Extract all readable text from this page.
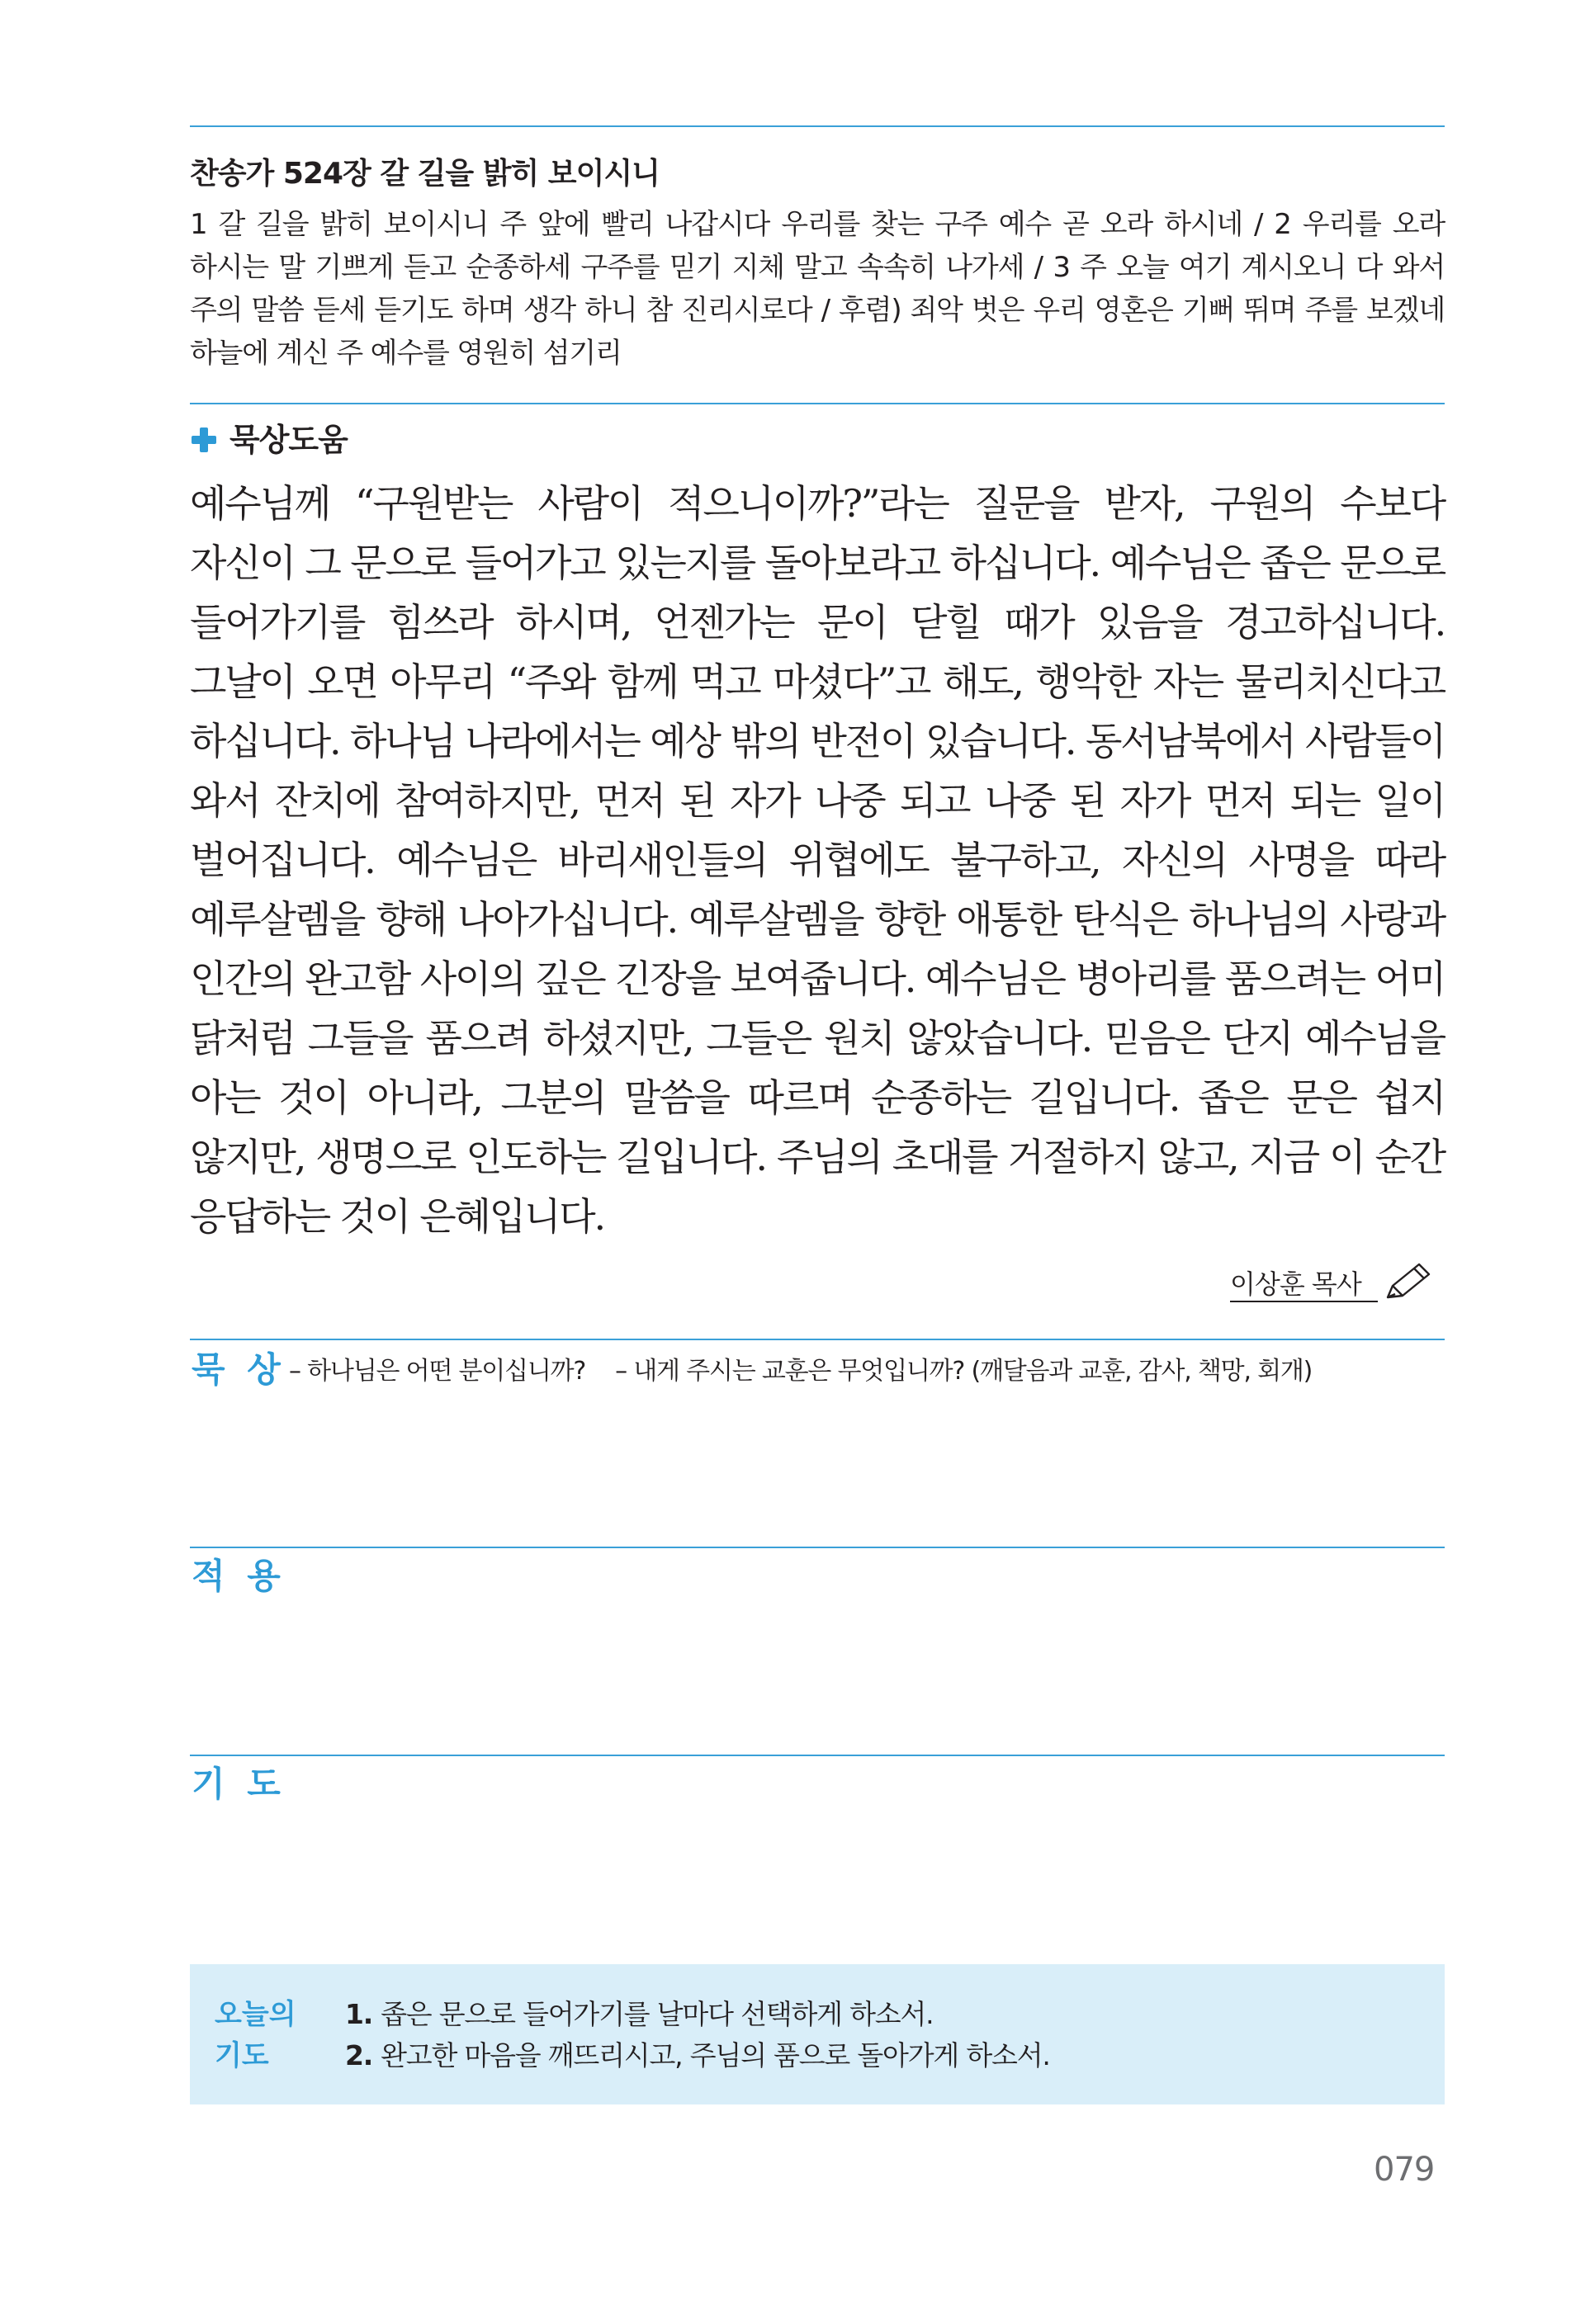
찬송가 524장 갈 길을 밝히 보이시니
1 갈 길을 밝히 보이시니 주 앞에 빨리 나갑시다 우리를 찾는 구주 예수 곧 오라 하시네 / 2 우리를 오라 하시는 말 기쁘게 듣고 순종하세 구주를 믿기 지체 말고 속속히 나가세 / 3 주 오늘 여기 계시오니 다 와서 주의 말씀 듣세 듣기도 하며 생각 하니 참 진리시로다 / 후렴) 죄악 벗은 우리 영혼은 기뻐 뛰며 주를 보겠네 하늘에 계신 주 예수를 영원히 섬기리
묵상도움
예수님께 “구원받는 사람이 적으니이까?”라는 질문을 받자, 구원의 수보다 자신이 그 문으로 들어가고 있는지를 돌아보라고 하십니다. 예수님은 좁은 문으로 들어가기를 힘쓰라 하시며, 언젠가는 문이 닫힐 때가 있음을 경고하십니다. 그날이 오면 아무리 “주와 함께 먹고 마셨다”고 해도, 행악한 자는 물리치신다고 하십니다. 하나님 나라에서는 예상 밖의 반전이 있습니다. 동서남북에서 사람들이 와서 잔치에 참여하지만, 먼저 된 자가 나중 되고 나중 된 자가 먼저 되는 일이 벌어집니다. 예수님은 바리새인들의 위협에도 불구하고, 자신의 사명을 따라 예루살렘을 향해 나아가십니다. 예루살렘을 향한 애통한 탄식은 하나님의 사랑과 인간의 완고함 사이의 깊은 긴장을 보여줍니다. 예수님은 병아리를 품으려는 어미 닭처럼 그들을 품으려 하셨지만, 그들은 원치 않았습니다. 믿음은 단지 예수님을 아는 것이 아니라, 그분의 말씀을 따르며 순종하는 길입니다. 좁은 문은 쉽지 않지만, 생명으로 인도하는 길입니다. 주님의 초대를 거절하지 않고, 지금 이 순간 응답하는 것이 은혜입니다.
이상훈 목사
묵 상 – 하나님은 어떤 분이십니까? – 내게 주시는 교훈은 무엇입니까? (깨달음과 교훈, 감사, 책망, 회개)
적 용
기 도
오늘의
기도
1. 좁은 문으로 들어가기를 날마다 선택하게 하소서.
2. 완고한 마음을 깨뜨리시고, 주님의 품으로 돌아가게 하소서.
079
